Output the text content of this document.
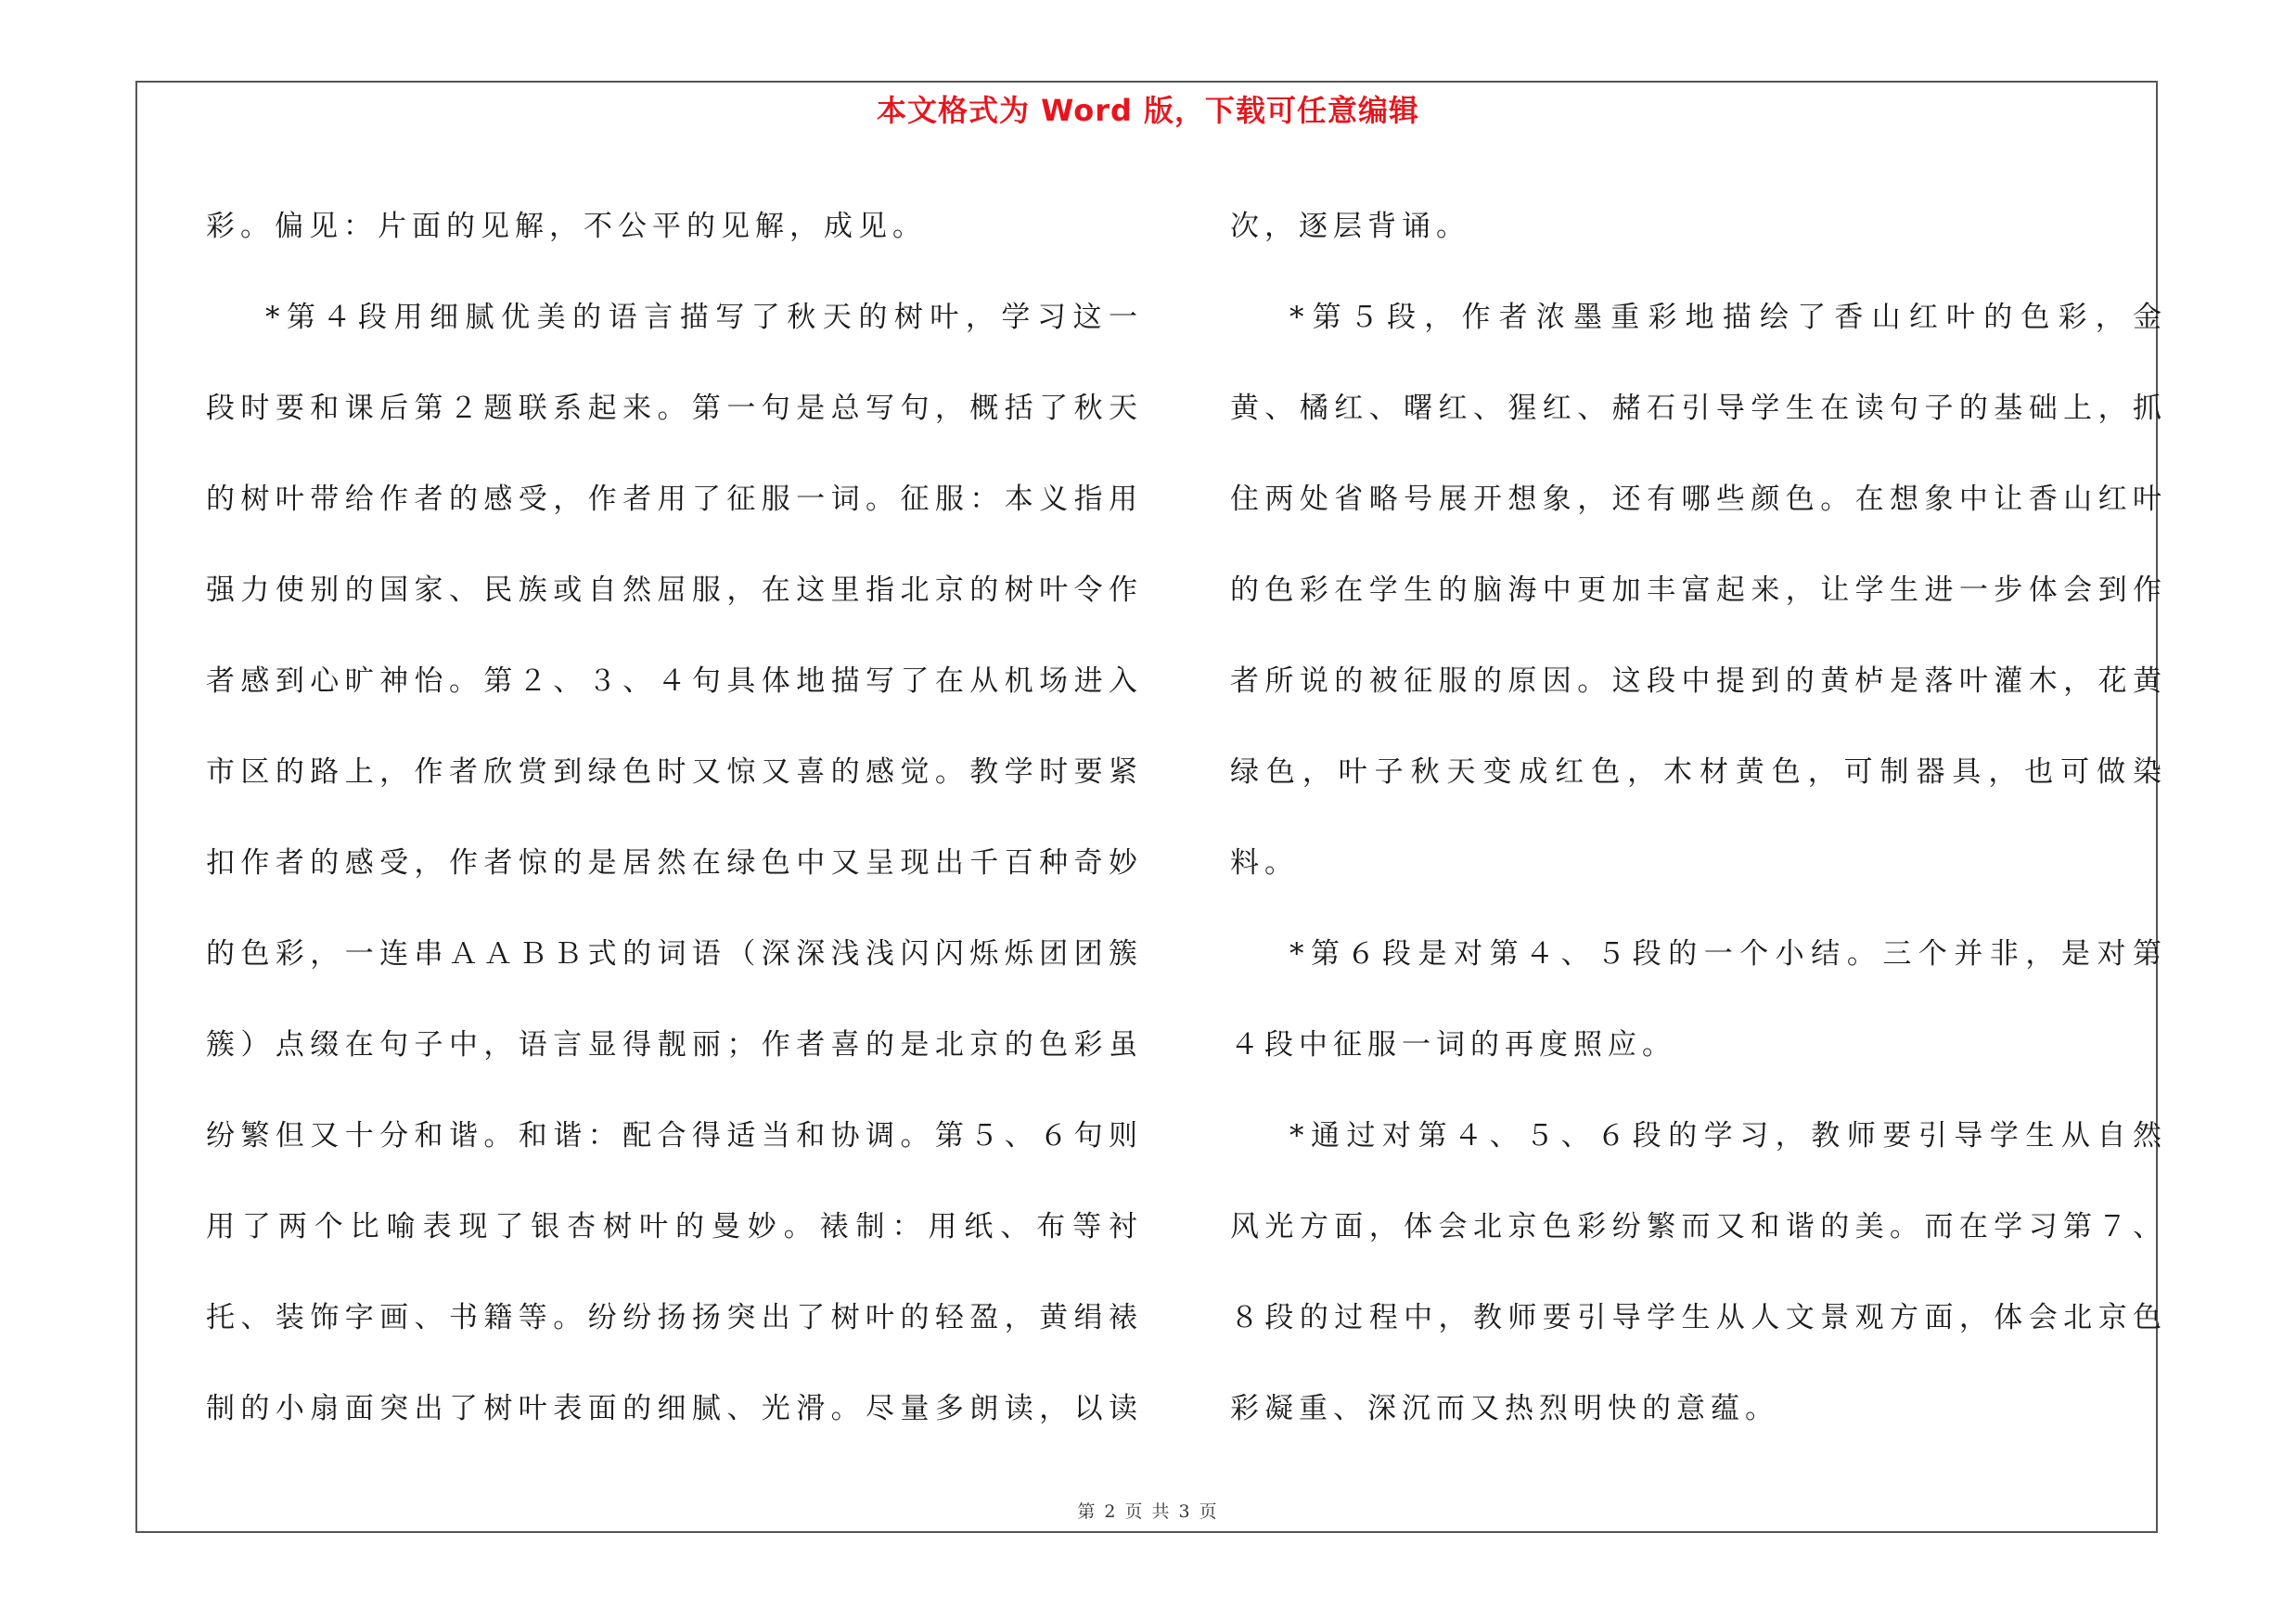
本文格式为 Word 版，下载可任意编辑

彩。偏见：片面的见解，不公平的见解，成见。

*第４段用细腻优美的语言描写了秋天的树叶，学习这一段时要和课后第２题联系起来。第一句是总写句，概括了秋天的树叶带给作者的感受，作者用了征服一词。征服：本义指用强力使别的国家、民族或自然屈服，在这里指北京的树叶令作者感到心旷神怡。第２、３、４句具体地描写了在从机场进入市区的路上，作者欣赏到绿色时又惊又喜的感觉。教学时要紧扣作者的感受，作者惊的是居然在绿色中又呈现出千百种奇妙的色彩，一连串ＡＡＢＢ式的词语（深深浅浅闪闪烁烁团团簇簇）点缀在句子中，语言显得靓丽；作者喜的是北京的色彩虽纷繁但又十分和谐。和谐：配合得适当和协调。第５、６句则用了两个比喻表现了银杏树叶的曼妙。裱制：用纸、布等衬托、装饰字画、书籍等。纷纷扬扬突出了树叶的轻盈，黄绢裱制的小扇面突出了树叶表面的细腻、光滑。尽量多朗读，以读

次，逐层背诵。

*第５段，作者浓墨重彩地描绘了香山红叶的色彩，金黄、橘红、曙红、猩红、赭石引导学生在读句子的基础上，抓住两处省略号展开想象，还有哪些颜色。在想象中让香山红叶的色彩在学生的脑海中更加丰富起来，让学生进一步体会到作者所说的被征服的原因。这段中提到的黄栌是落叶灌木，花黄绿色，叶子秋天变成红色，木材黄色，可制器具，也可做染料。

*第６段是对第４、５段的一个小结。三个并非，是对第４段中征服一词的再度照应。

*通过对第４、５、６段的学习，教师要引导学生从自然风光方面，体会北京色彩纷繁而又和谐的美。而在学习第７、８段的过程中，教师要引导学生从人文景观方面，体会北京色彩凝重、深沉而又热烈明快的意蕴。

第 2 页 共 3 页
